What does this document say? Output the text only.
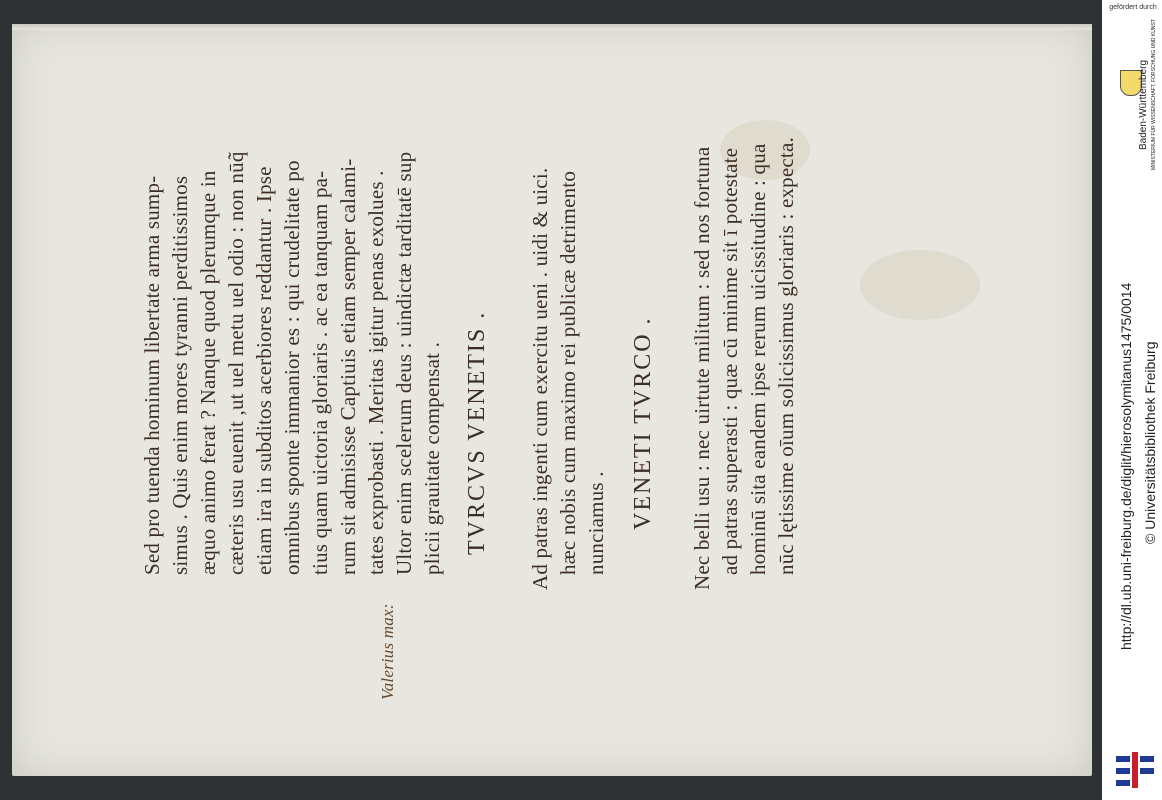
Sed pro tuenda hominum libertate arma sump- simus . Quis enim mores tyranni perditissimos æquo animo ferat ? Nanque quod plerumque in cæteris usu euenit ,ut uel metu uel odio : non nūq̃ etiam ira in subditos acerbiores reddantur . Ipse omnibus sponte immanior es : qui crudelitate po tius quam uictoria gloriaris . ac ea tanquam pa- rum sit admisisse Captiuis etiam semper calami- tates exprobasti . Meritas igitur penas exolues . Ultor enim scelerum deus : uindictæ tarditatē sup plicii grauitate compensat .
Valerius max:
TVRCVS VENETIS . Ad patras ingenti cum exercitu ueni . uidi & uici. hæc nobis cum maximo rei publicæ detrimento nunciamus . VENETI TVRCO . Nec belli usu : nec uirtute militum : sed nos fortuna ad patras superasti : quæ cū minime sit ī potestate hominū sita eandem ipse rerum uicissitudine : qua nūc lętissime oīum solicissimus gloriaris : expecta.
gefördert durch
Baden-Württemberg MINISTERIUM FÜR WISSENSCHAFT, FORSCHUNG UND KUNST
http://dl.ub.uni-freiburg.de/diglit/hierosolymitanus1475/0014 © Universitätsbibliothek Freiburg
